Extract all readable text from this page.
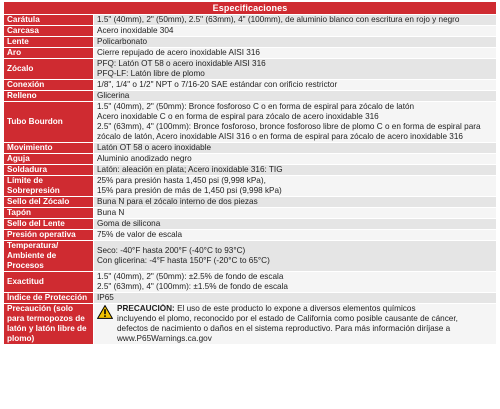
Especificaciones	
Carátula	1.5" (40mm), 2" (50mm), 2.5" (63mm), 4" (100mm), de aluminio blanco con escritura en rojo y negro

Carcasa	Acero inoxidable 304

Lente	Policarbonato

Aro	Cierre repujado de acero inoxidable AISI 316

Zócalo	PFQ: Latón OT 58 o acero inoxidable AISI 316
PFQ-LF: Latón libre de plomo

Conexión	1/8", 1/4" o 1/2" NPT o 7/16-20 SAE estándar con orificio restrictor

Relleno	Glicerina

Tubo Bourdon	1.5" (40mm), 2" (50mm): Bronce fosforoso C o en forma de espiral para zócalo de latón
Acero inoxidable C o en forma de espiral para zócalo de acero inoxidable 316
2.5" (63mm), 4" (100mm): Bronce fosforoso, bronce fosforoso libre de plomo C o en forma de espiral para
zócalo de latón, Acero inoxidable AISI 316 o en forma de espiral para zócalo de acero inoxidable 316

Movimiento	Latón OT 58 o acero inoxidable

Aguja	Aluminio anodizado negro

Soldadura	Latón: aleación en plata; Acero inoxidable 316: TIG

Límite de Sobrepresión	25% para presión hasta 1,450 psi (9,998 kPa),
15% para presión de más de 1,450 psi (9,998 kPa)

Sello del Zócalo	Buna N para el zócalo interno de dos piezas

Tapón	Buna N

Sello del Lente	Goma de silicona

Presión operativa	75% de valor de escala

Temperatura/ Ambiente de Procesos	Seco: -40°F hasta 200°F (-40°C to 93°C)
Con glicerina: -4°F hasta 150°F (-20°C to 65°C)

Exactitud	1.5" (40mm), 2" (50mm): ±2.5% de fondo de escala
2.5" (63mm), 4" (100mm): ±1.5% de fondo de escala

Índice de Protección	IP65

Precaución (solo para termopozos de latón y latón libre de plomo)	PRECAUCIÓN: El uso de este producto lo expone a diversos elementos químicos
incluyendo el plomo, reconocido por el estado de California como posible causante de cáncer,
defectos de nacimiento o daños en el sistema reproductivo. Para más información diríjase a
www.P65Warnings.ca.gov
